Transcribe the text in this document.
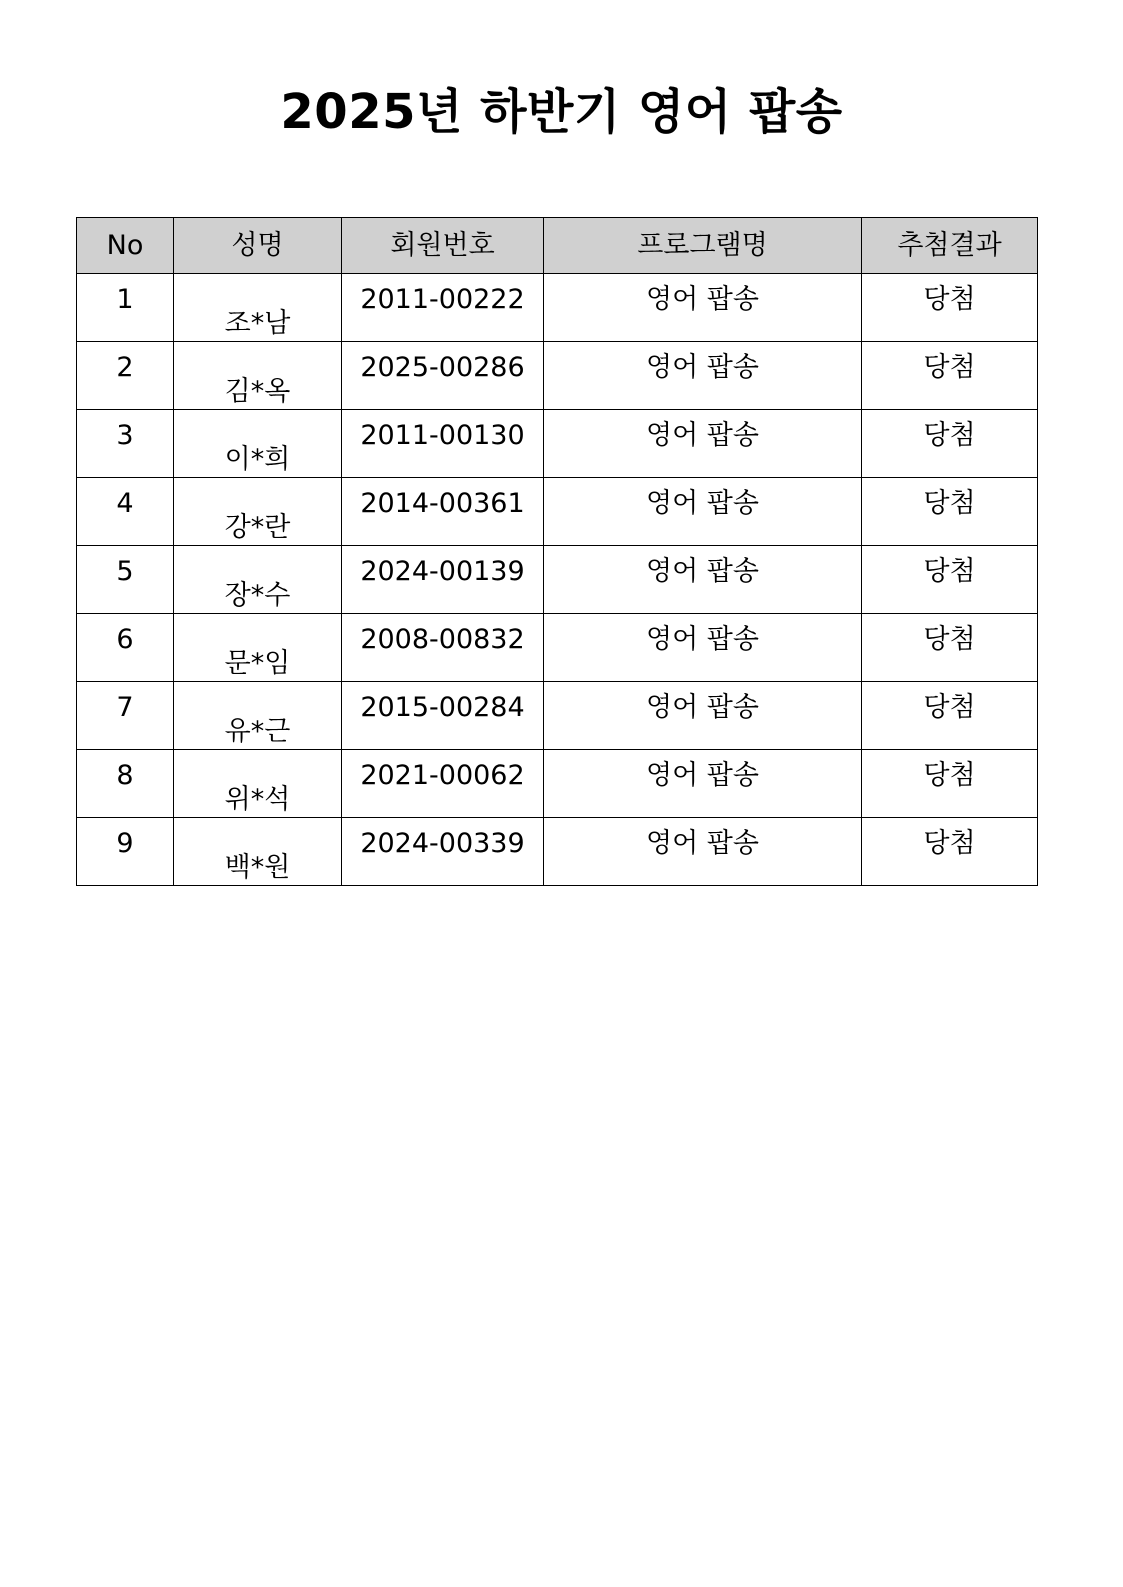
2025년 하반기 영어 팝송
No	성명	회원번호	프로그램명	추첨결과
1	조*남	2011-00222	영어 팝송	당첨
2	김*옥	2025-00286	영어 팝송	당첨
3	이*희	2011-00130	영어 팝송	당첨
4	강*란	2014-00361	영어 팝송	당첨
5	장*수	2024-00139	영어 팝송	당첨
6	문*임	2008-00832	영어 팝송	당첨
7	유*근	2015-00284	영어 팝송	당첨
8	위*석	2021-00062	영어 팝송	당첨
9	백*원	2024-00339	영어 팝송	당첨
